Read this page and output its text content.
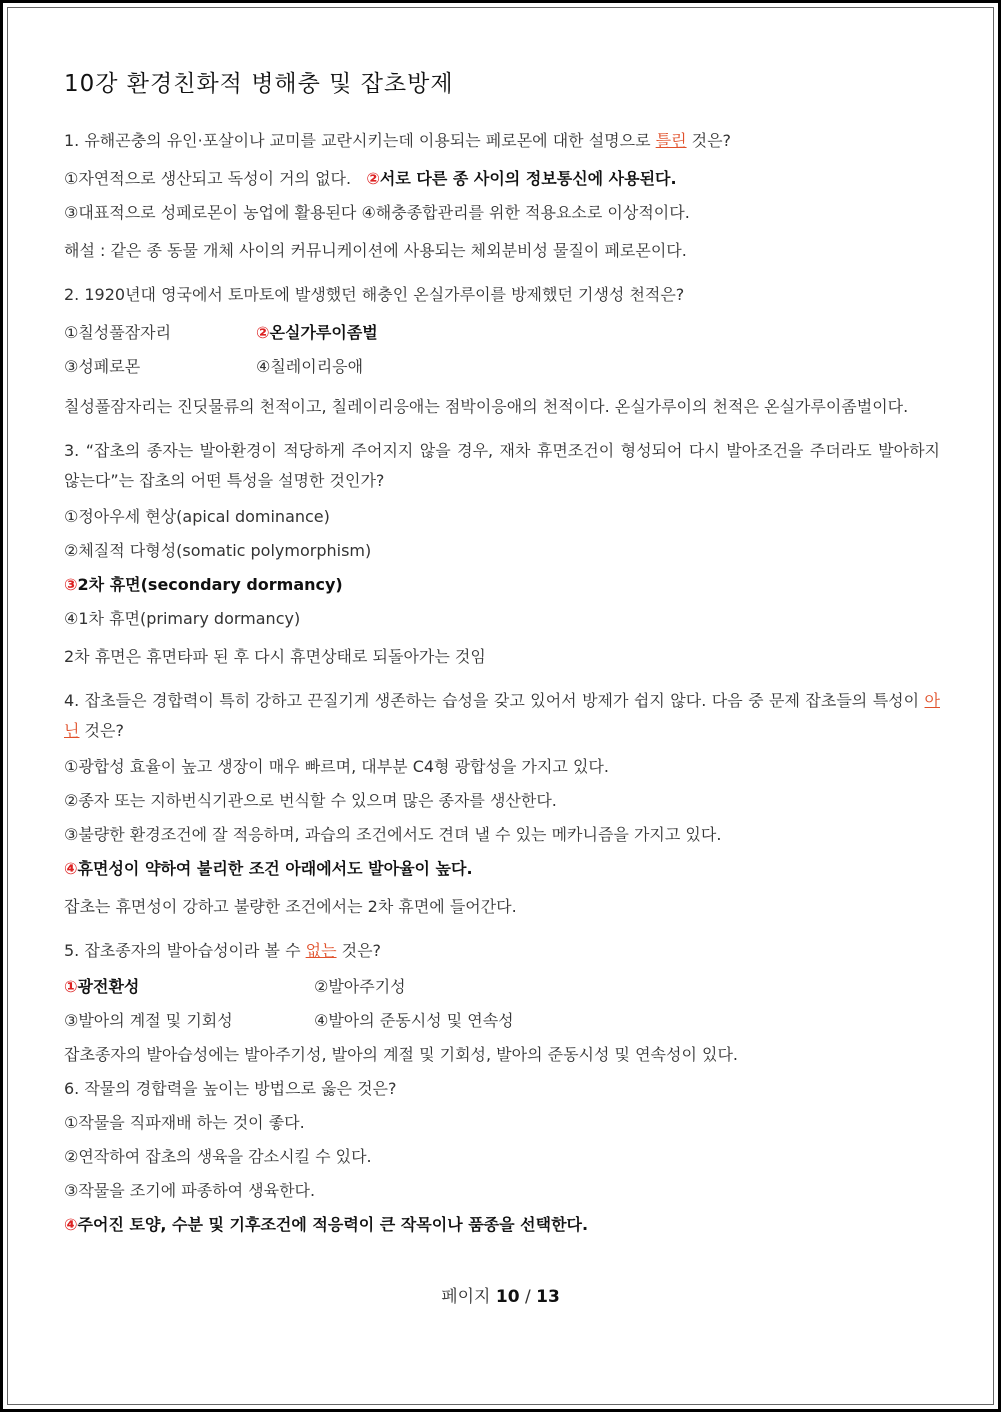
10강 환경친화적 병해충 및 잡초방제
1. 유해곤충의 유인·포살이나 교미를 교란시키는데 이용되는 페로몬에 대한 설명으로 틀린 것은?
①자연적으로 생산되고 독성이 거의 없다. ②서로 다른 종 사이의 정보통신에 사용된다.
③대표적으로 성페로몬이 농업에 활용된다 ④해충종합관리를 위한 적용요소로 이상적이다.
해설 : 같은 종 동물 개체 사이의 커뮤니케이션에 사용되는 체외분비성 물질이 페로몬이다.
2. 1920년대 영국에서 토마토에 발생했던 해충인 온실가루이를 방제했던 기생성 천적은?
①칠성풀잠자리	②온실가루이좀벌
③성페로몬	④칠레이리응애
칠성풀잠자리는 진딧물류의 천적이고, 칠레이리응애는 점박이응애의 천적이다. 온실가루이의 천적은 온실가루이좀벌이다.
3. “잡초의 종자는 발아환경이 적당하게 주어지지 않을 경우, 재차 휴면조건이 형성되어 다시 발아조건을 주더라도 발아하지 않는다”는 잡초의 어떤 특성을 설명한 것인가?
①정아우세 현상(apical dominance)
②체질적 다형성(somatic polymorphism)
③2차 휴면(secondary dormancy)
④1차 휴면(primary dormancy)
2차 휴면은 휴면타파 된 후 다시 휴면상태로 되돌아가는 것임
4. 잡초들은 경합력이 특히 강하고 끈질기게 생존하는 습성을 갖고 있어서 방제가 쉽지 않다. 다음 중 문제 잡초들의 특성이 아닌 것은?
①광합성 효율이 높고 생장이 매우 빠르며, 대부분 C4형 광합성을 가지고 있다.
②종자 또는 지하번식기관으로 번식할 수 있으며 많은 종자를 생산한다.
③불량한 환경조건에 잘 적응하며, 과습의 조건에서도 견뎌 낼 수 있는 메카니즘을 가지고 있다.
④휴면성이 약하여 불리한 조건 아래에서도 발아율이 높다.
잡초는 휴면성이 강하고 불량한 조건에서는 2차 휴면에 들어간다.
5. 잡초종자의 발아습성이라 볼 수 없는 것은?
①광전환성	②발아주기성
③발아의 계절 및 기회성	④발아의 준동시성 및 연속성
잡초종자의 발아습성에는 발아주기성, 발아의 계절 및 기회성, 발아의 준동시성 및 연속성이 있다.
6. 작물의 경합력을 높이는 방법으로 옳은 것은?
①작물을 직파재배 하는 것이 좋다.
②연작하여 잡초의 생육을 감소시킬 수 있다.
③작물을 조기에 파종하여 생육한다.
④주어진 토양, 수분 및 기후조건에 적응력이 큰 작목이나 품종을 선택한다.
페이지 10 / 13
